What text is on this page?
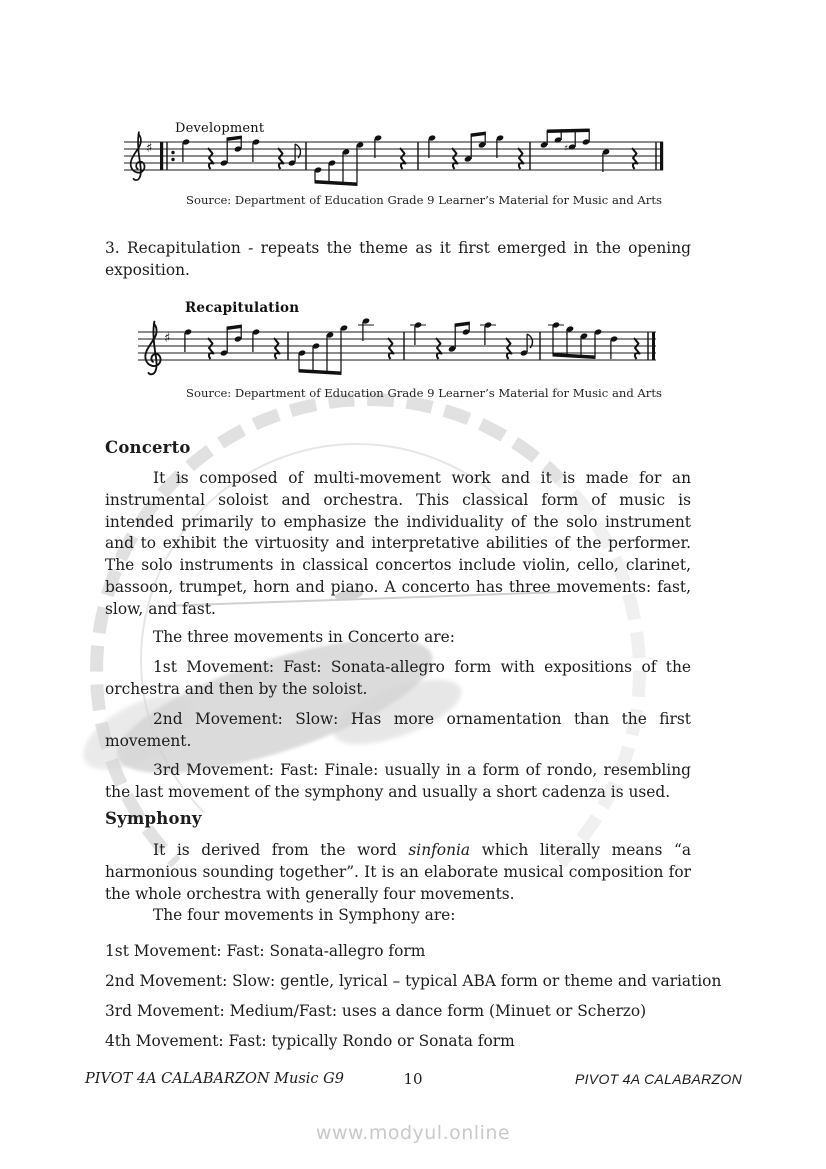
Development
♯	♯
Source: Department of Education Grade 9 Learner’s Material for Music and Arts

3. Recapitulation - repeats the theme as it first emerged in the opening exposition.

Recapitulation
♯
Source: Department of Education Grade 9 Learner’s Material for Music and Arts
Concerto

It is composed of multi-movement work and it is made for an instrumental soloist and orchestra. This classical form of music is intended primarily to emphasize the individuality of the solo instrument and to exhibit the virtuosity and interpretative abilities of the performer. The solo instruments in classical concertos include violin, cello, clarinet, bassoon, trumpet, horn and piano. A concerto has three movements: fast, slow, and fast.

The three movements in Concerto are:

1st Movement: Fast: Sonata-allegro form with expositions of the orchestra and then by the soloist.

2nd Movement: Slow: Has more ornamentation than the first movement.

3rd Movement: Fast: Finale: usually in a form of rondo, resembling the last movement of the symphony and usually a short cadenza is used.

Symphony

It is derived from the word sinfonia which literally means “a harmonious sounding together”. It is an elaborate musical composition for the whole orchestra with generally four movements.

The four movements in Symphony are:

1st Movement: Fast: Sonata-allegro form
2nd Movement: Slow: gentle, lyrical – typical ABA form or theme and variation
3rd Movement: Medium/Fast: uses a dance form (Minuet or Scherzo)
4th Movement: Fast: typically Rondo or Sonata form
PIVOT 4A CALABARZON Music G9	PIVOT 4A CALABARZON
10
www.modyul.online
